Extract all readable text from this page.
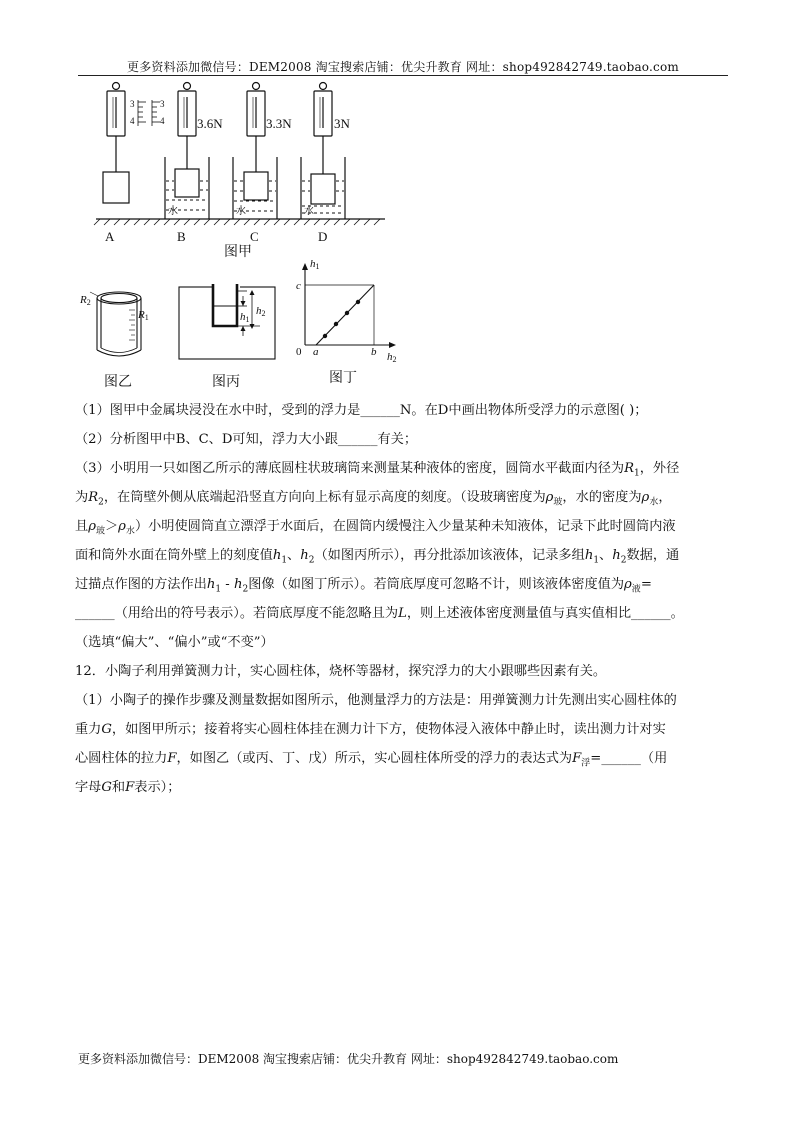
更多资料添加微信号：DEM2008 淘宝搜索店铺：优尖升教育 网址：shop492842749.taobao.com
3
4
3
4	3.6N	3.3N	3N
水	水	水
A	B	C	D
图甲
R2
R1
图乙
h2
h1
图丙
h1
h2
0 a	b
c
图丁

（1）图甲中金属块浸没在水中时，受到的浮力是______N。在D中画出物体所受浮力的示意图( )；

（2）分析图甲中B、C、D可知，浮力大小跟______有关；

（3）小明用一只如图乙所示的薄底圆柱状玻璃筒来测量某种液体的密度，圆筒水平截面内径为$R_1$，外径

为$R_2$，在筒壁外侧从底端起沿竖直方向向上标有显示高度的刻度。（设玻璃密度为$\rho_玻$，水的密度为$\rho_水$，

且$\rho_玻>\rho_水$）小明使圆筒直立漂浮于水面后，在圆筒内缓慢注入少量某种未知液体，记录下此时圆筒内液

面和筒外水面在筒外壁上的刻度值$h_1$、$h_2$（如图丙所示），再分批添加该液体，记录多组$h_1$、$h_2$数据，通

过描点作图的方法作出$h_1 - h_2$图像（如图丁所示）。若筒底厚度可忽略不计，则该液体密度值为$\rho_液=$

______（用给出的符号表示）。若筒底厚度不能忽略且为L，则上述液体密度测量值与真实值相比______。

（选填“偏大”、“偏小”或“不变”）

12．小陶子利用弹簧测力计，实心圆柱体，烧杯等器材，探究浮力的大小跟哪些因素有关。

（1）小陶子的操作步骤及测量数据如图所示，他测量浮力的方法是：用弹簧测力计先测出实心圆柱体的

重力G，如图甲所示；接着将实心圆柱体挂在测力计下方，使物体浸入液体中静止时，读出测力计对实

心圆柱体的拉力F，如图乙（或丙、丁、戊）所示，实心圆柱体所受的浮力的表达式为$F_浮=\_\_\_\_\_\_$（用

字母G和F表示）；

更多资料添加微信号：DEM2008 淘宝搜索店铺：优尖升教育 网址：shop492842749.taobao.com
